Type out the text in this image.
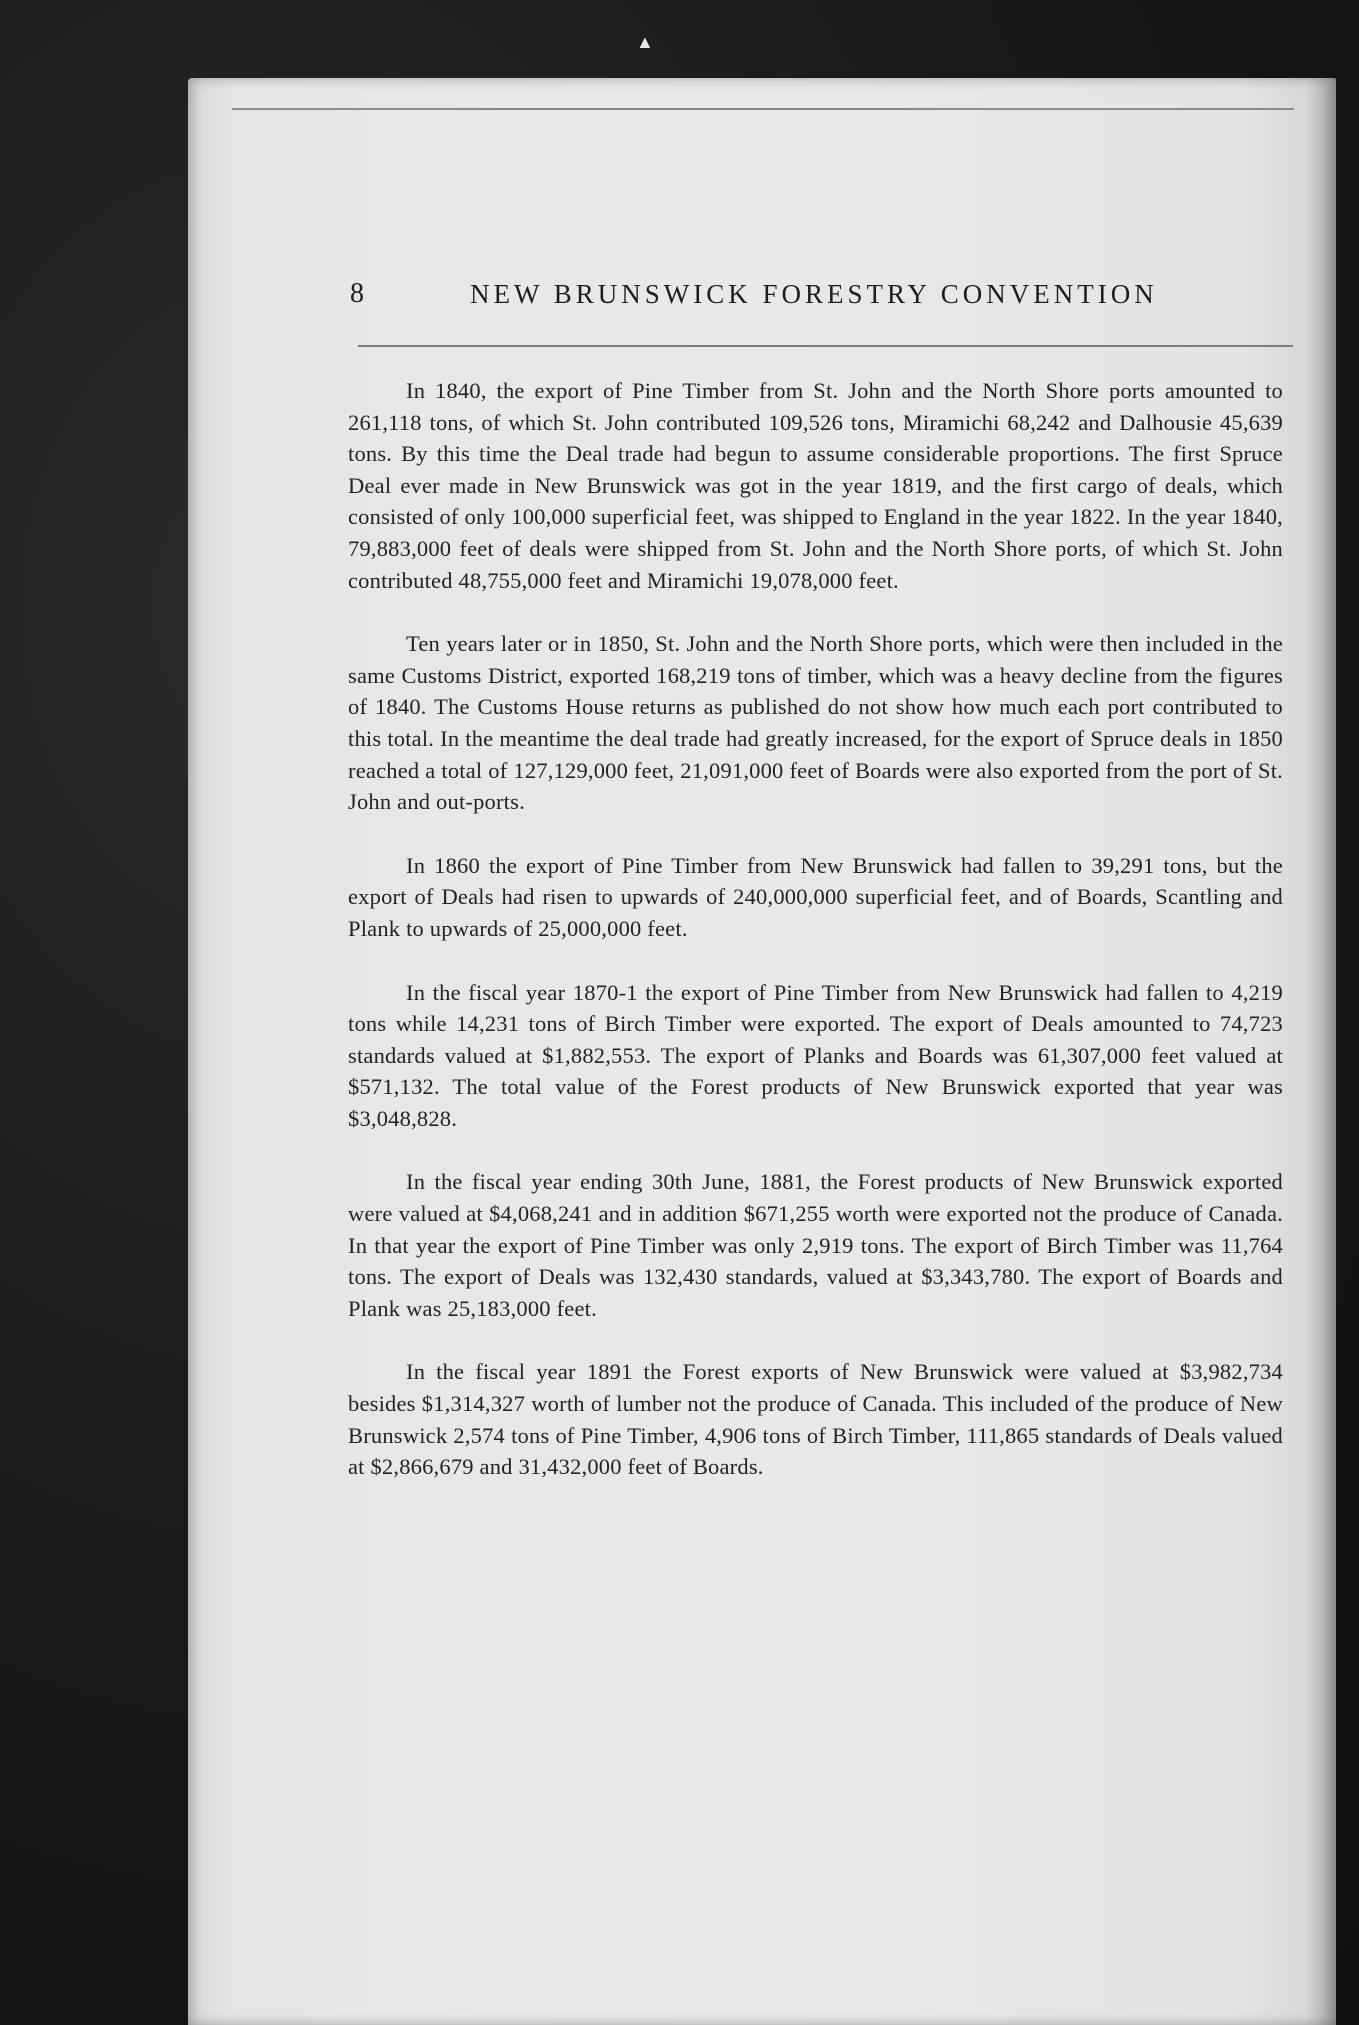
▲
8	NEW BRUNSWICK FORESTRY CONVENTION

In 1840, the export of Pine Timber from St. John and the North Shore ports amounted to 261,118 tons, of which St. John contributed 109,526 tons, Miramichi 68,242 and Dalhousie 45,639 tons. By this time the Deal trade had begun to assume considerable proportions. The first Spruce Deal ever made in New Brunswick was got in the year 1819, and the first cargo of deals, which consisted of only 100,000 superficial feet, was shipped to England in the year 1822. In the year 1840, 79,883,000 feet of deals were shipped from St. John and the North Shore ports, of which St. John contributed 48,755,000 feet and Miramichi 19,078,000 feet.

Ten years later or in 1850, St. John and the North Shore ports, which were then included in the same Customs District, exported 168,219 tons of timber, which was a heavy decline from the figures of 1840. The Customs House returns as published do not show how much each port contributed to this total. In the meantime the deal trade had greatly increased, for the export of Spruce deals in 1850 reached a total of 127,129,000 feet, 21,091,000 feet of Boards were also exported from the port of St. John and out-ports.

In 1860 the export of Pine Timber from New Brunswick had fallen to 39,291 tons, but the export of Deals had risen to upwards of 240,000,000 superficial feet, and of Boards, Scantling and Plank to upwards of 25,000,000 feet.

In the fiscal year 1870-1 the export of Pine Timber from New Brunswick had fallen to 4,219 tons while 14,231 tons of Birch Timber were exported. The export of Deals amounted to 74,723 standards valued at $1,882,553. The export of Planks and Boards was 61,307,000 feet valued at $571,132. The total value of the Forest products of New Brunswick exported that year was $3,048,828.

In the fiscal year ending 30th June, 1881, the Forest products of New Brunswick exported were valued at $4,068,241 and in addition $671,255 worth were exported not the produce of Canada. In that year the export of Pine Timber was only 2,919 tons. The export of Birch Timber was 11,764 tons. The export of Deals was 132,430 standards, valued at $3,343,780. The export of Boards and Plank was 25,183,000 feet.

In the fiscal year 1891 the Forest exports of New Brunswick were valued at $3,982,734 besides $1,314,327 worth of lumber not the produce of Canada. This included of the produce of New Brunswick 2,574 tons of Pine Timber, 4,906 tons of Birch Timber, 111,865 standards of Deals valued at $2,866,679 and 31,432,000 feet of Boards.
